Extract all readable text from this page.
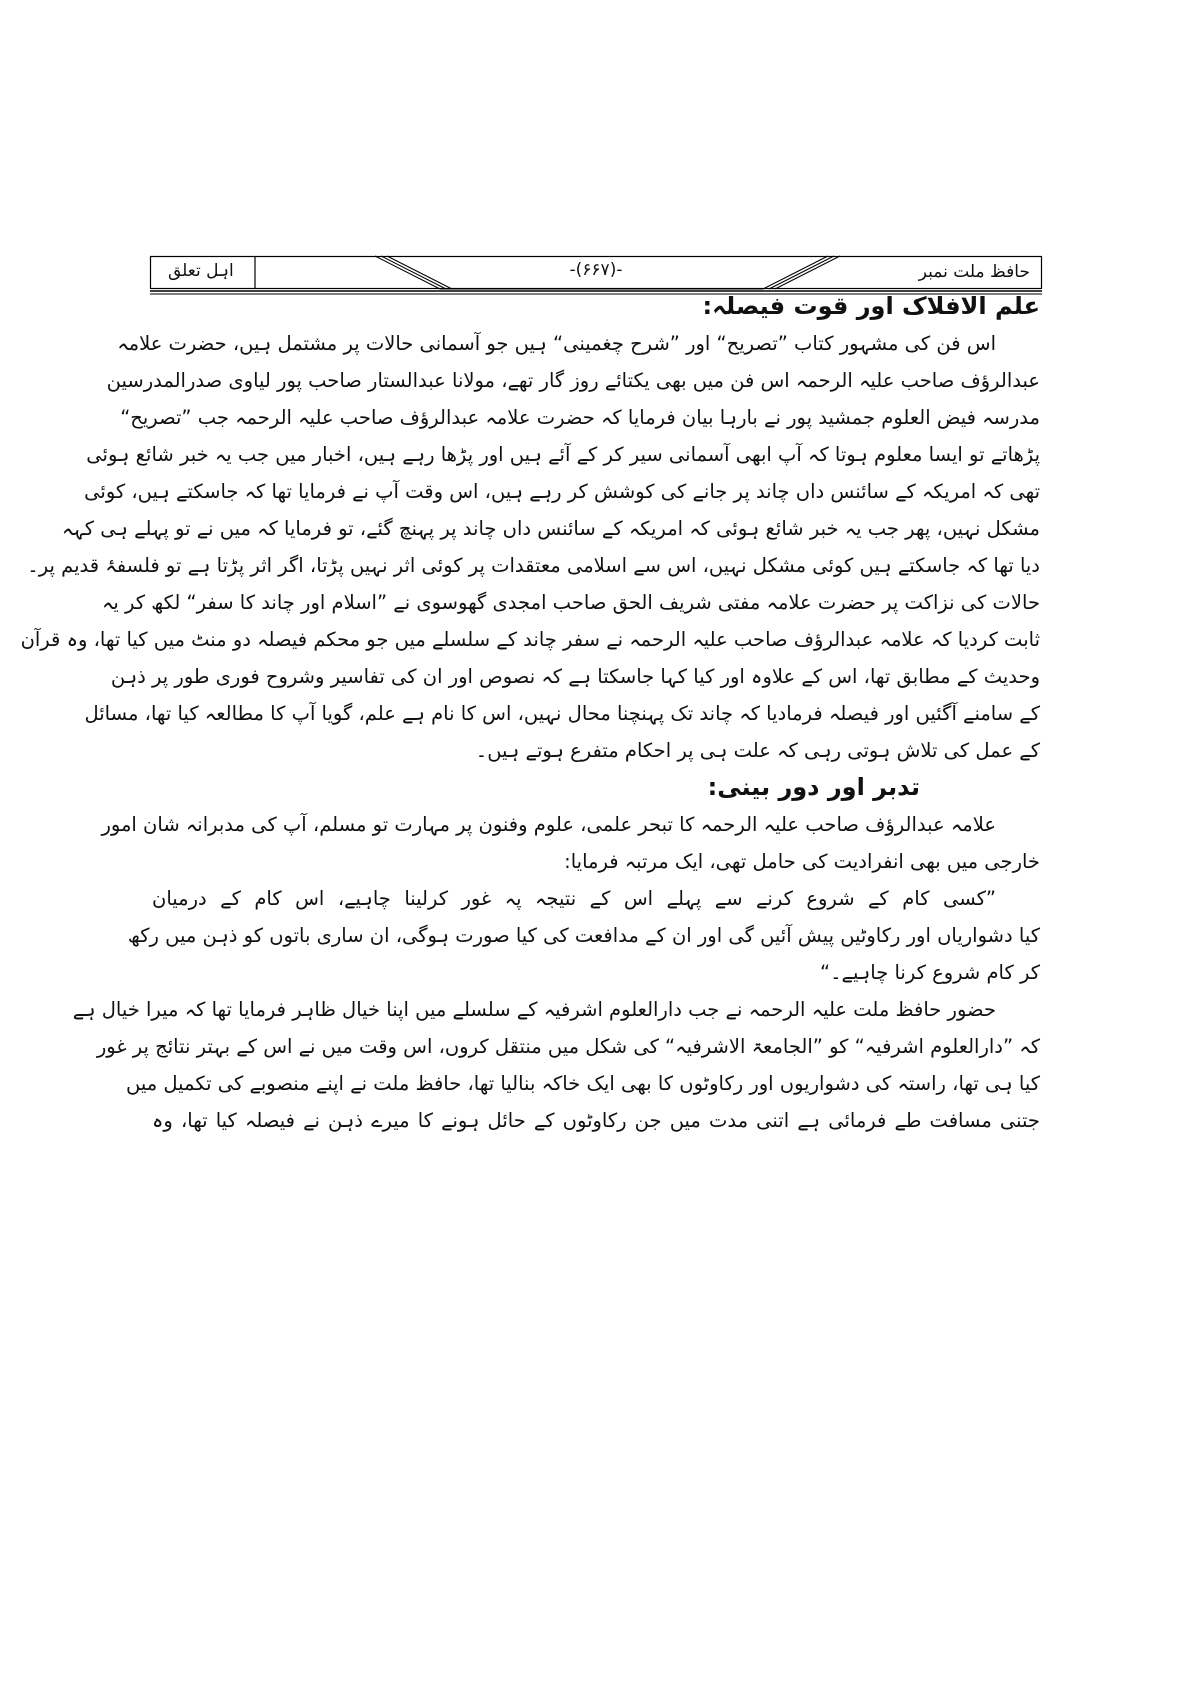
اہل تعلق	-(۶۶۷)-	حافظ ملت نمبر
علم الافلاک اور قوت فیصلہ:
اس فن کی مشہور کتاب ”تصریح“ اور ”شرح چغمینی“ ہیں جو آسمانی حالات پر مشتمل ہیں، حضرت علامہ
عبدالرؤف صاحب علیہ الرحمہ اس فن میں بھی یکتائے روز گار تھے، مولانا عبدالستار صاحب پور لیاوی صدرالمدرسین
مدرسہ فیض العلوم جمشید پور نے بارہا بیان فرمایا کہ حضرت علامہ عبدالرؤف صاحب علیہ الرحمہ جب ”تصریح“
پڑھاتے تو ایسا معلوم ہوتا کہ آپ ابھی آسمانی سیر کر کے آئے ہیں اور پڑھا رہے ہیں، اخبار میں جب یہ خبر شائع ہوئی
تھی کہ امریکہ کے سائنس داں چاند پر جانے کی کوشش کر رہے ہیں، اس وقت آپ نے فرمایا تھا کہ جاسکتے ہیں، کوئی
مشکل نہیں، پھر جب یہ خبر شائع ہوئی کہ امریکہ کے سائنس داں چاند پر پہنچ گئے، تو فرمایا کہ میں نے تو پہلے ہی کہہ
دیا تھا کہ جاسکتے ہیں کوئی مشکل نہیں، اس سے اسلامی معتقدات پر کوئی اثر نہیں پڑتا، اگر اثر پڑتا ہے تو فلسفۂ قدیم پر۔
حالات کی نزاکت پر حضرت علامہ مفتی شریف الحق صاحب امجدی گھوسوی نے ”اسلام اور چاند کا سفر“ لکھ کر یہ
ثابت کردیا کہ علامہ عبدالرؤف صاحب علیہ الرحمہ نے سفر چاند کے سلسلے میں جو محکم فیصلہ دو منٹ میں کیا تھا، وہ قرآن
وحدیث کے مطابق تھا، اس کے علاوہ اور کیا کہا جاسکتا ہے کہ نصوص اور ان کی تفاسیر وشروح فوری طور پر ذہن
کے سامنے آگئیں اور فیصلہ فرمادیا کہ چاند تک پہنچنا محال نہیں، اس کا نام ہے علم، گویا آپ کا مطالعہ کیا تھا، مسائل
کے عمل کی تلاش ہوتی رہی کہ علت ہی پر احکام متفرع ہوتے ہیں۔
تدبر اور دور بینی:
علامہ عبدالرؤف صاحب علیہ الرحمہ کا تبحر علمی، علوم وفنون پر مہارت تو مسلم، آپ کی مدبرانہ شان امور
خارجی میں بھی انفرادیت کی حامل تھی، ایک مرتبہ فرمایا:
”کسی کام کے شروع کرنے سے پہلے اس کے نتیجہ پہ غور کرلینا چاہیے، اس کام کے درمیان
کیا دشواریاں اور رکاوٹیں پیش آئیں گی اور ان کے مدافعت کی کیا صورت ہوگی، ان ساری باتوں کو ذہن میں رکھ
کر کام شروع کرنا چاہیے۔“
حضور حافظ ملت علیہ الرحمہ نے جب دارالعلوم اشرفیہ کے سلسلے میں اپنا خیال ظاہر فرمایا تھا کہ میرا خیال ہے
کہ ”دارالعلوم اشرفیہ“ کو ”الجامعۃ الاشرفیہ“ کی شکل میں منتقل کروں، اس وقت میں نے اس کے بہتر نتائج پر غور
کیا ہی تھا، راستہ کی دشواریوں اور رکاوٹوں کا بھی ایک خاکہ بنالیا تھا، حافظ ملت نے اپنے منصوبے کی تکمیل میں
جتنی مسافت طے فرمائی ہے اتنی مدت میں جن رکاوٹوں کے حائل ہونے کا میرے ذہن نے فیصلہ کیا تھا، وہ
